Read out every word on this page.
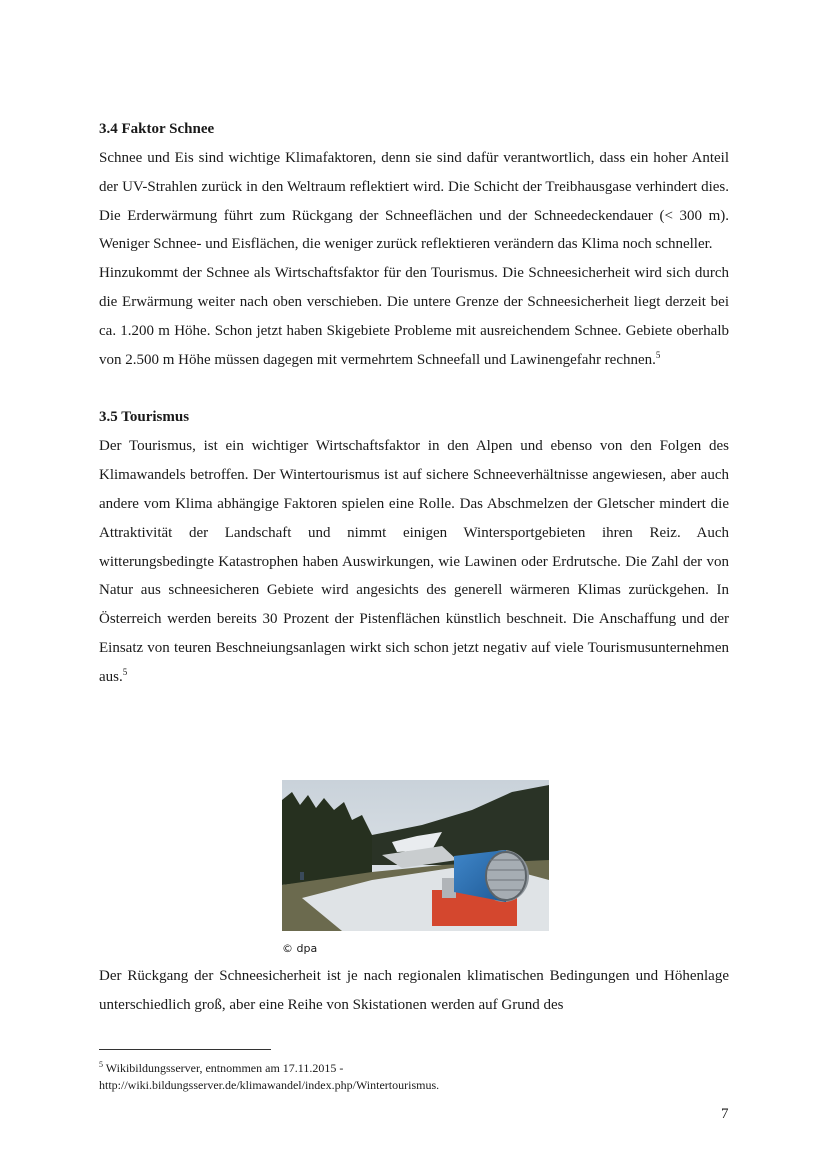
3.4 Faktor Schnee

Schnee und Eis sind wichtige Klimafaktoren, denn sie sind dafür verantwortlich, dass ein hoher Anteil der UV-Strahlen zurück in den Weltraum reflektiert wird. Die Schicht der Treibhausgase verhindert dies. Die Erderwärmung führt zum Rückgang der Schneeflächen und der Schneedeckendauer (< 300 m). Weniger Schnee- und Eisflächen, die weniger zurück reflektieren verändern das Klima noch schneller.

Hinzukommt der Schnee als Wirtschaftsfaktor für den Tourismus. Die Schneesicherheit wird sich durch die Erwärmung weiter nach oben verschieben. Die untere Grenze der Schneesicherheit liegt derzeit bei ca. 1.200 m Höhe. Schon jetzt haben Skigebiete Probleme mit ausreichendem Schnee. Gebiete oberhalb von 2.500 m Höhe müssen dagegen mit vermehrtem Schneefall und Lawinengefahr rechnen.$^5$

3.5 Tourismus

Der Tourismus, ist ein wichtiger Wirtschaftsfaktor in den Alpen und ebenso von den Folgen des Klimawandels betroffen. Der Wintertourismus ist auf sichere Schneeverhältnisse angewiesen, aber auch andere vom Klima abhängige Faktoren spielen eine Rolle. Das Abschmelzen der Gletscher mindert die Attraktivität der Landschaft und nimmt einigen Wintersportgebieten ihren Reiz. Auch witterungsbedingte Katastrophen haben Auswirkungen, wie Lawinen oder Erdrutsche. Die Zahl der von Natur aus schneesicheren Gebiete wird angesichts des generell wärmeren Klimas zurückgehen. In Österreich werden bereits 30 Prozent der Pistenflächen künstlich beschneit. Die Anschaffung und der Einsatz von teuren Beschneiungsanlagen wirkt sich schon jetzt negativ auf viele Tourismusunternehmen aus.$^5$

© dpa

Der Rückgang der Schneesicherheit ist je nach regionalen klimatischen Bedingungen und Höhenlage unterschiedlich groß, aber eine Reihe von Skistationen werden auf Grund des

$^5$ Wikibildungsserver, entnommen am 17.11.2015 -
http://wiki.bildungsserver.de/klimawandel/index.php/Wintertourismus.
7
